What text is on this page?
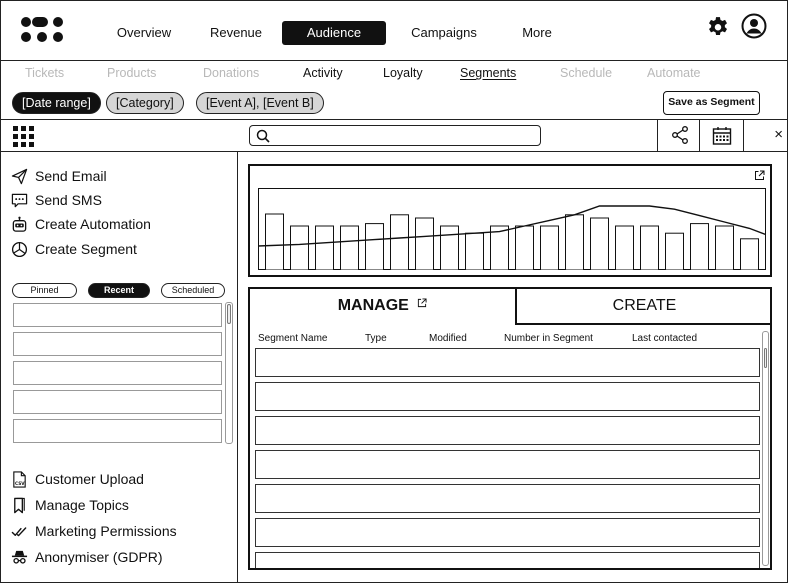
Overview	Revenue	Audience	Campaigns	More
Tickets	Products	Donations	Activity	Loyalty	Segments	Schedule	Automate
[Date range]	[Category]	[Event A], [Event B]	Save as Segment
×
Send Email
Send SMS
Create Automation
Create Segment
Pinned	Recent	Scheduled
CSV Customer Upload
Manage Topics
Marketing Permissions
Anonymiser (GDPR)
MANAGE	CREATE
Segment Name	Type	Modified	Number in Segment	Last contacted
